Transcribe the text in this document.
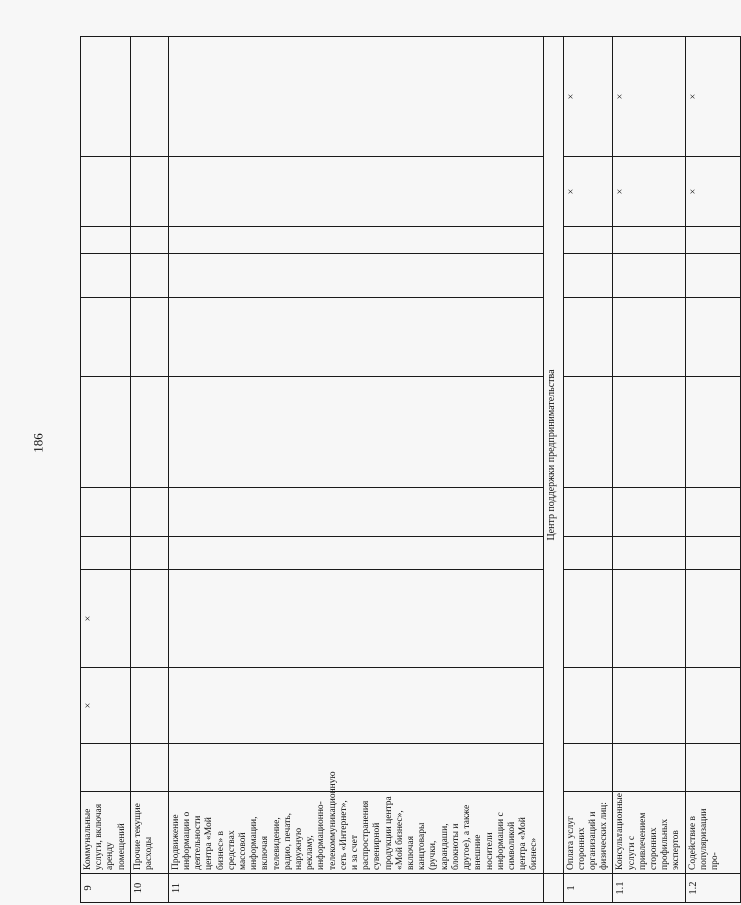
186
9	Коммунальные услуги, включая аренду помещений		×	×								
10	Прочие текущие расходы											

11	Продвижение информации о деятельности центра «Мой бизнес» в средствах массовой информации, включая телевидение, радио, печать, наружную рекламу, информационно-телекоммуникационную сеть «Интернет», и за счет распространения сувенирной продукции центра «Мой бизнес», включая канцтовары (ручки, карандаши, блокноты и другое), а также внешние носители информации с символикой центра «Мой бизнес»											

	Центр поддержки предпринимательства											
1	Оплата услуг сторонних организаций и физических лиц:										×	×
1.1	Консультационные услуги с привлечением сторонних профильных экспертов										×	×
1.2	Содействие в популяризации про-										×	×
